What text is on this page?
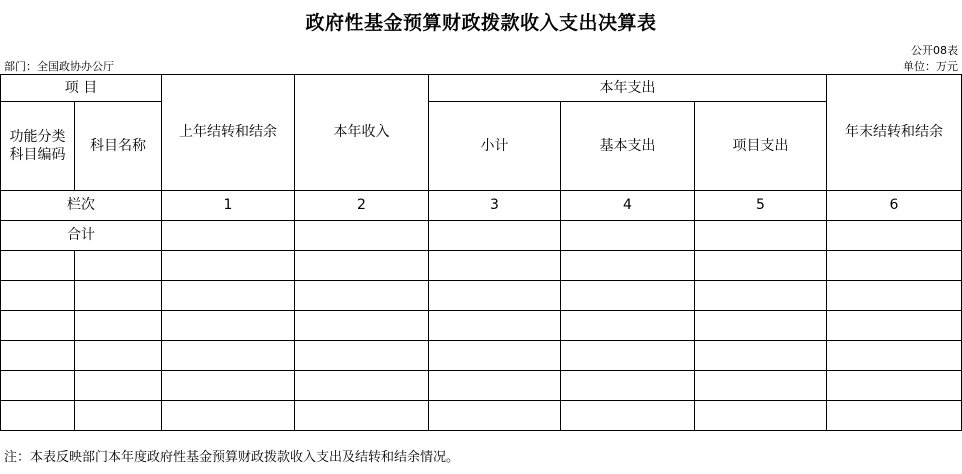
政府性基金预算财政拨款收入支出决算表
公开08表
部门：全国政协办公厅	单位：万元
项 目		上年结转和结余	本年收入	本年支出			年末结转和结余

功能分类科目编码	科目名称			小计	基本支出	项目支出	

栏次		1	2	3	4	5	6
合计							

注：本表反映部门本年度政府性基金预算财政拨款收入支出及结转和结余情况。
